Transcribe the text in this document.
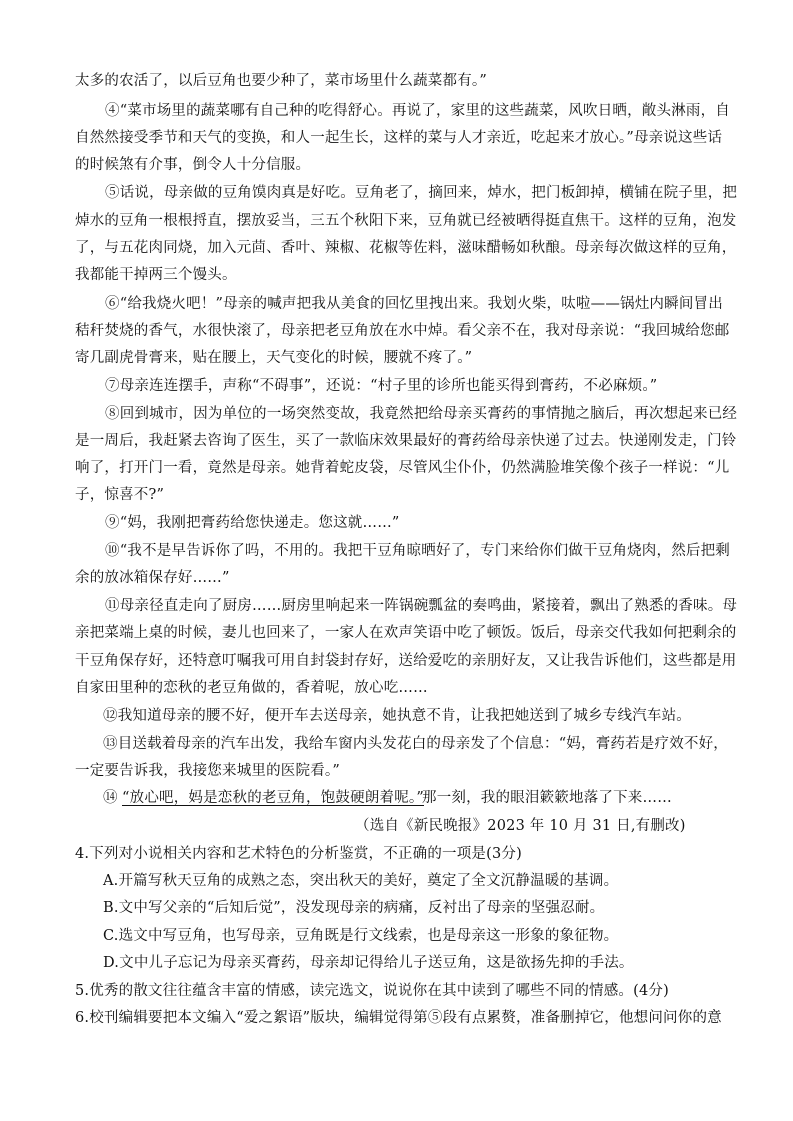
太多的农活了，以后豆角也要少种了，菜市场里什么蔬菜都有。”
④“菜市场里的蔬菜哪有自己种的吃得舒心。再说了，家里的这些蔬菜，风吹日晒，敞头淋雨，自
自然然接受季节和天气的变换，和人一起生长，这样的菜与人才亲近，吃起来才放心。”母亲说这些话
的时候煞有介事，倒令人十分信服。
⑤话说，母亲做的豆角馍肉真是好吃。豆角老了，摘回来，焯水，把门板卸掉，横铺在院子里，把
焯水的豆角一根根捋直，摆放妥当，三五个秋阳下来，豆角就已经被晒得挺直焦干。这样的豆角，泡发
了，与五花肉同烧，加入元茴、香叶、辣椒、花椒等佐料，滋味醋畅如秋酿。母亲每次做这样的豆角，
我都能干掉两三个馒头。
⑥“给我烧火吧！”母亲的喊声把我从美食的回忆里拽出来。我划火柴，呔啦——锅灶内瞬间冒出
秸秆焚烧的香气，水很快滚了，母亲把老豆角放在水中焯。看父亲不在，我对母亲说：“我回城给您邮
寄几副虎骨膏来，贴在腰上，天气变化的时候，腰就不疼了。”
⑦母亲连连摆手，声称“不碍事”，还说：“村子里的诊所也能买得到膏药，不必麻烦。”
⑧回到城市，因为单位的一场突然变故，我竟然把给母亲买膏药的事情抛之脑后，再次想起来已经
是一周后，我赶紧去咨询了医生，买了一款临床效果最好的膏药给母亲快递了过去。快递刚发走，门铃
响了，打开门一看，竟然是母亲。她背着蛇皮袋，尽管风尘仆仆，仍然满脸堆笑像个孩子一样说：“儿
子，惊喜不?”
⑨“妈，我刚把膏药给您快递走。您这就……”
⑩“我不是早告诉你了吗，不用的。我把干豆角晾晒好了，专门来给你们做干豆角烧肉，然后把剩
余的放冰箱保存好……”
⑪母亲径直走向了厨房……厨房里响起来一阵锅碗瓢盆的奏鸣曲，紧接着，飘出了熟悉的香味。母
亲把菜端上桌的时候，妻儿也回来了，一家人在欢声笑语中吃了顿饭。饭后，母亲交代我如何把剩余的
干豆角保存好，还特意叮嘱我可用自封袋封存好，送给爱吃的亲朋好友，又让我告诉他们，这些都是用
自家田里种的恋秋的老豆角做的，香着呢，放心吃……
⑫我知道母亲的腰不好，便开车去送母亲，她执意不肯，让我把她送到了城乡专线汽车站。
⑬目送载着母亲的汽车出发，我给车窗内头发花白的母亲发了个信息：“妈，膏药若是疗效不好，
一定要告诉我，我接您来城里的医院看。”
⑭ “放心吧，妈是恋秋的老豆角，饱鼓硬朗着呢。”
那一刻，我的眼泪簌簌地落了下来……
（选自《新民晚报》2023 年 10 月 31 日,有删改)
4.下列对小说相关内容和艺术特色的分析鉴赏，不正确的一项是(3分)
A.开篇写秋天豆角的成熟之态，突出秋天的美好，奠定了全文沉静温暖的基调。
B.文中写父亲的“后知后觉”，没发现母亲的病痛，反衬出了母亲的坚强忍耐。
C.选文中写豆角，也写母亲，豆角既是行文线索，也是母亲这一形象的象征物。
D.文中儿子忘记为母亲买膏药，母亲却记得给儿子送豆角，这是欲扬先抑的手法。
5.优秀的散文往往蕴含丰富的情感，读完选文，说说你在其中读到了哪些不同的情感。(4分)
6.校刊编辑要把本文编入“爱之絮语”版块，编辑觉得第⑤段有点累赘，准备删掉它，他想问问你的意
